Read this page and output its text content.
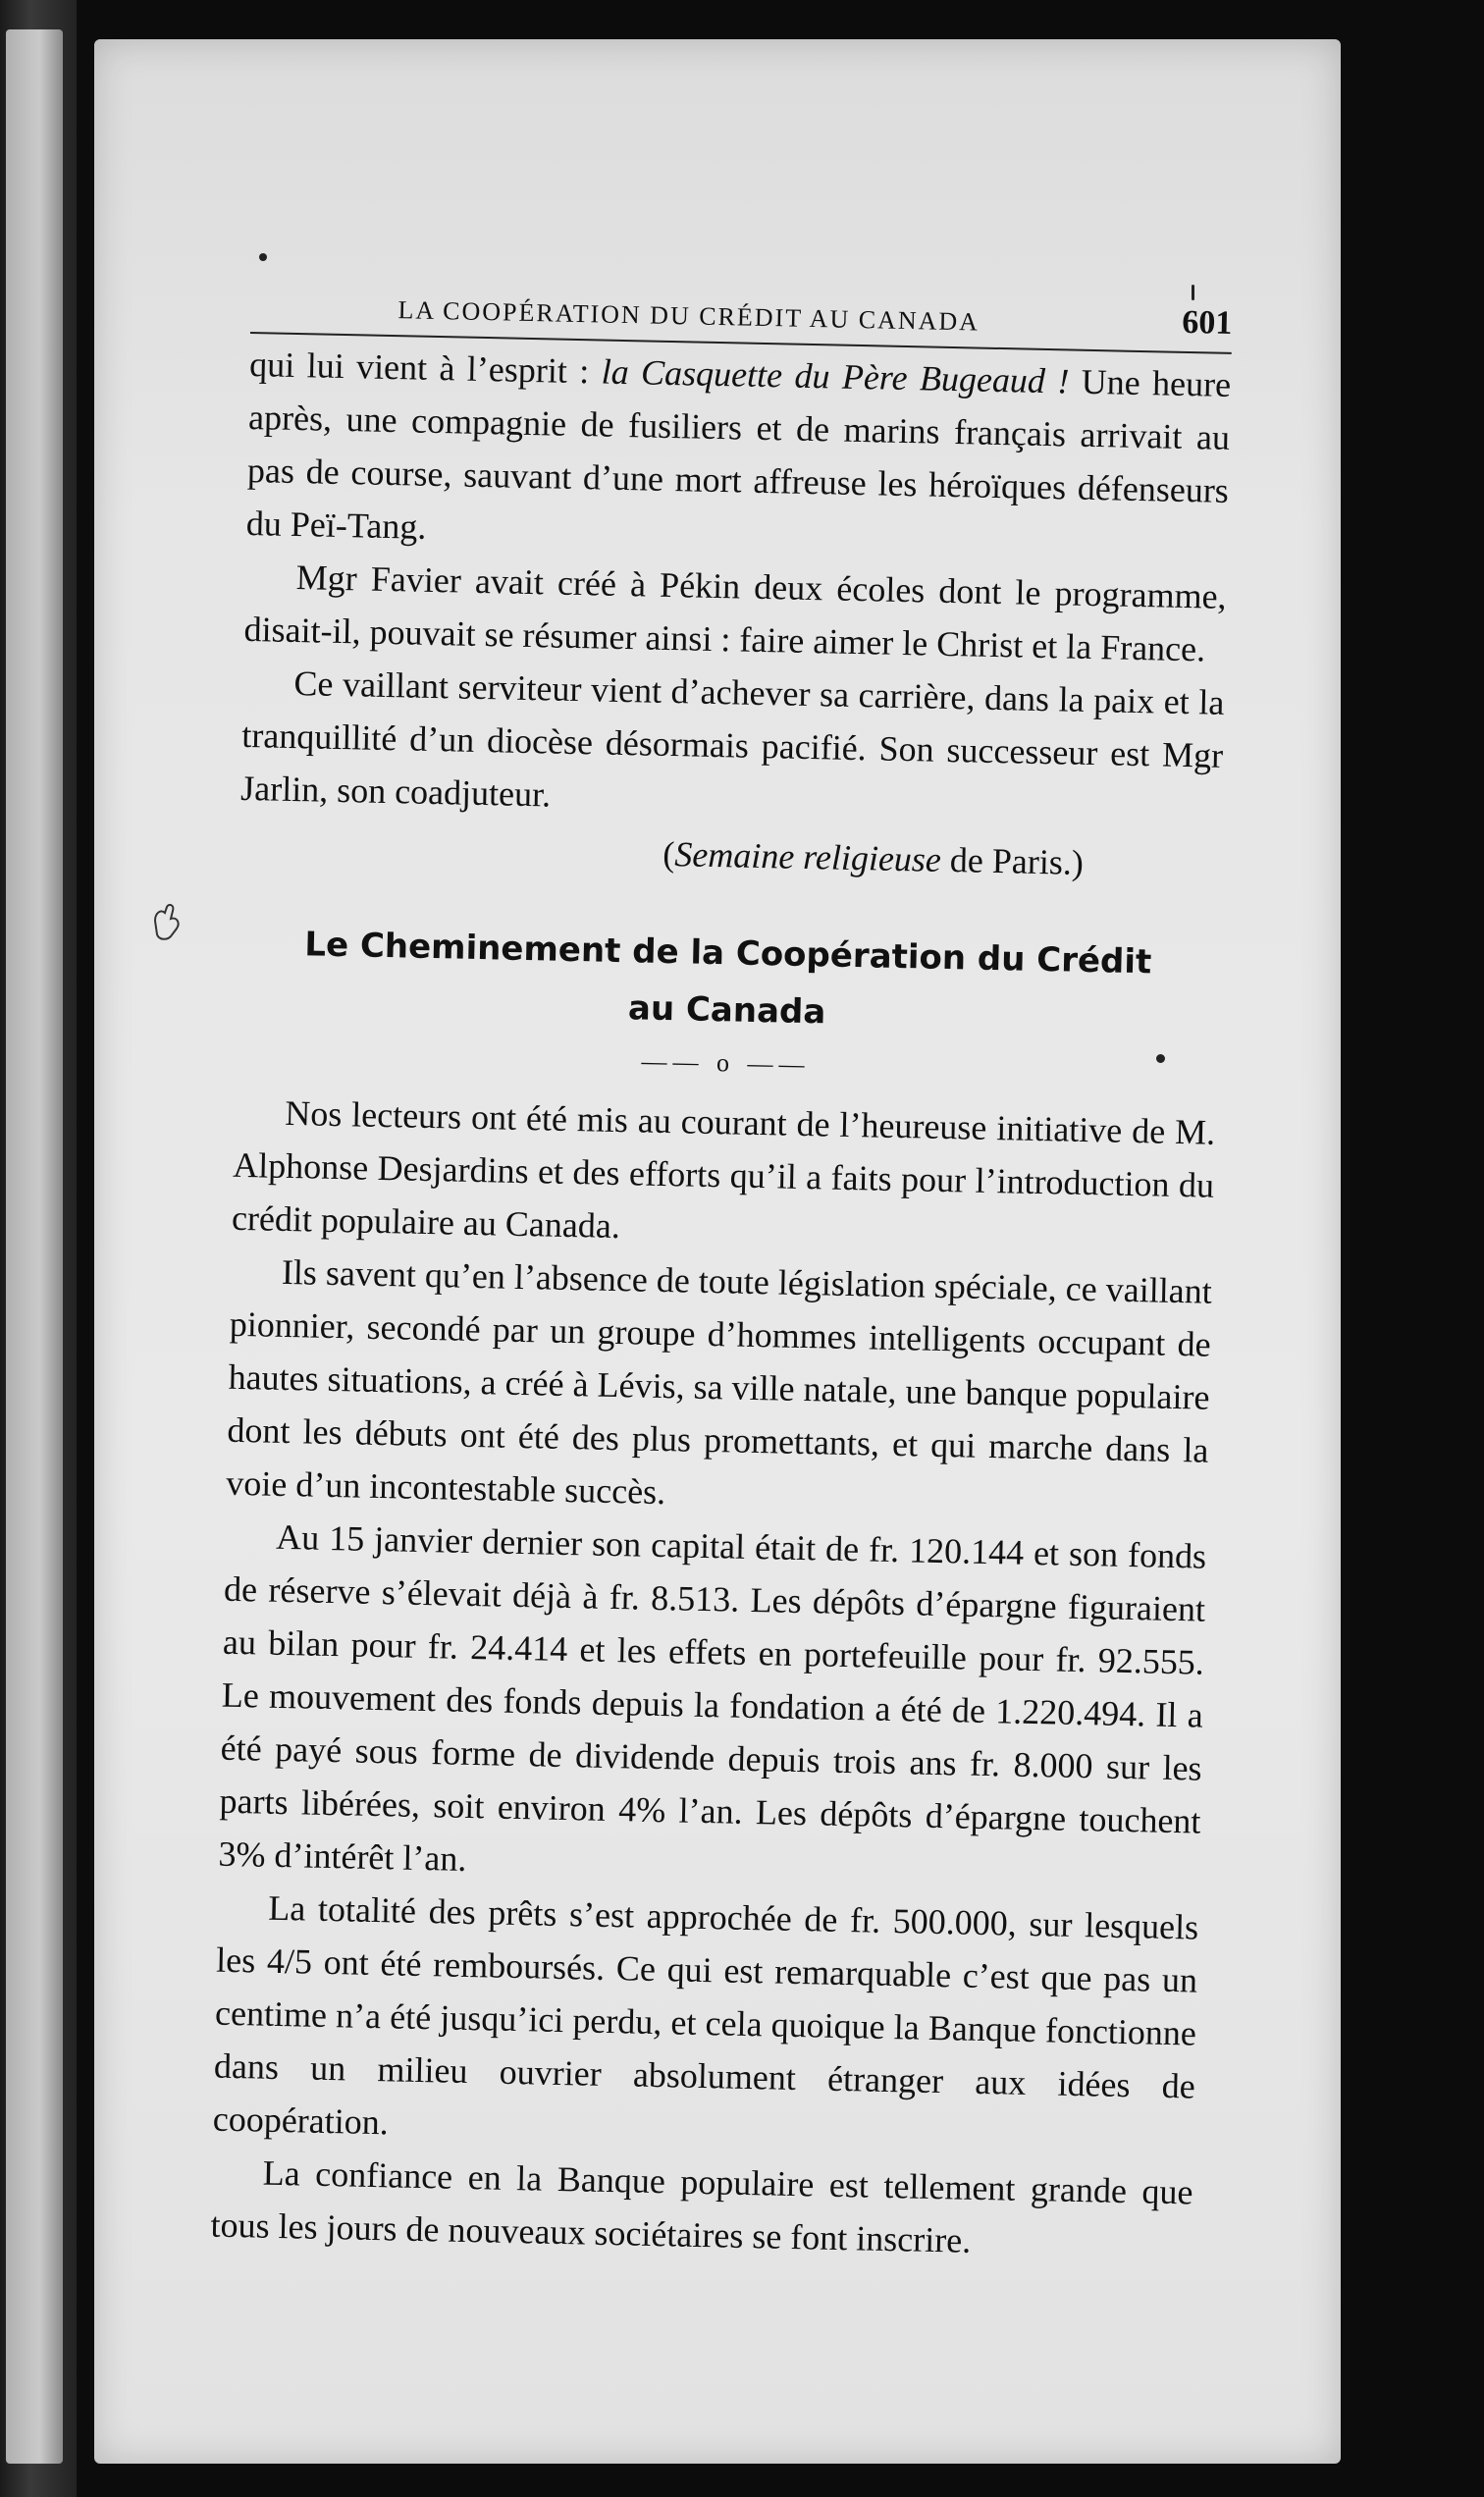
LA COOPÉRATION DU CRÉDIT AU CANADA	601

qui lui vient à l’esprit : la Casquette du Père Bugeaud ! Une heure après, une compagnie de fusiliers et de marins français arrivait au pas de course, sauvant d’une mort affreuse les héroïques défenseurs du Peï-Tang.

Mgr Favier avait créé à Pékin deux écoles dont le programme, disait-il, pouvait se résumer ainsi : faire aimer le Christ et la France.

Ce vaillant serviteur vient d’achever sa carrière, dans la paix et la tranquillité d’un diocèse désormais pacifié. Son successeur est Mgr Jarlin, son coadjuteur.

(Semaine religieuse de Paris.)

Le Cheminement de la Coopération du Crédit
au Canada
—— o ——

Nos lecteurs ont été mis au courant de l’heureuse initiative de M. Alphonse Desjardins et des efforts qu’il a faits pour l’introduction du crédit populaire au Canada.

Ils savent qu’en l’absence de toute législation spéciale, ce vaillant pionnier, secondé par un groupe d’hommes intelligents occupant de hautes situations, a créé à Lévis, sa ville natale, une banque populaire dont les débuts ont été des plus promettants, et qui marche dans la voie d’un incontestable succès.

Au 15 janvier dernier son capital était de fr. 120.144 et son fonds de réserve s’élevait déjà à fr. 8.513. Les dépôts d’épargne figuraient au bilan pour fr. 24.414 et les effets en portefeuille pour fr. 92.555. Le mouvement des fonds depuis la fondation a été de 1.220.494. Il a été payé sous forme de dividende depuis trois ans fr. 8.000 sur les parts libérées, soit environ 4% l’an. Les dépôts d’épargne touchent 3% d’intérêt l’an.

La totalité des prêts s’est approchée de fr. 500.000, sur lesquels les 4/5 ont été remboursés. Ce qui est remarquable c’est que pas un centime n’a été jusqu’ici perdu, et cela quoique la Banque fonctionne dans un milieu ouvrier absolument étranger aux idées de coopération.

La confiance en la Banque populaire est tellement grande que tous les jours de nouveaux sociétaires se font inscrire.
